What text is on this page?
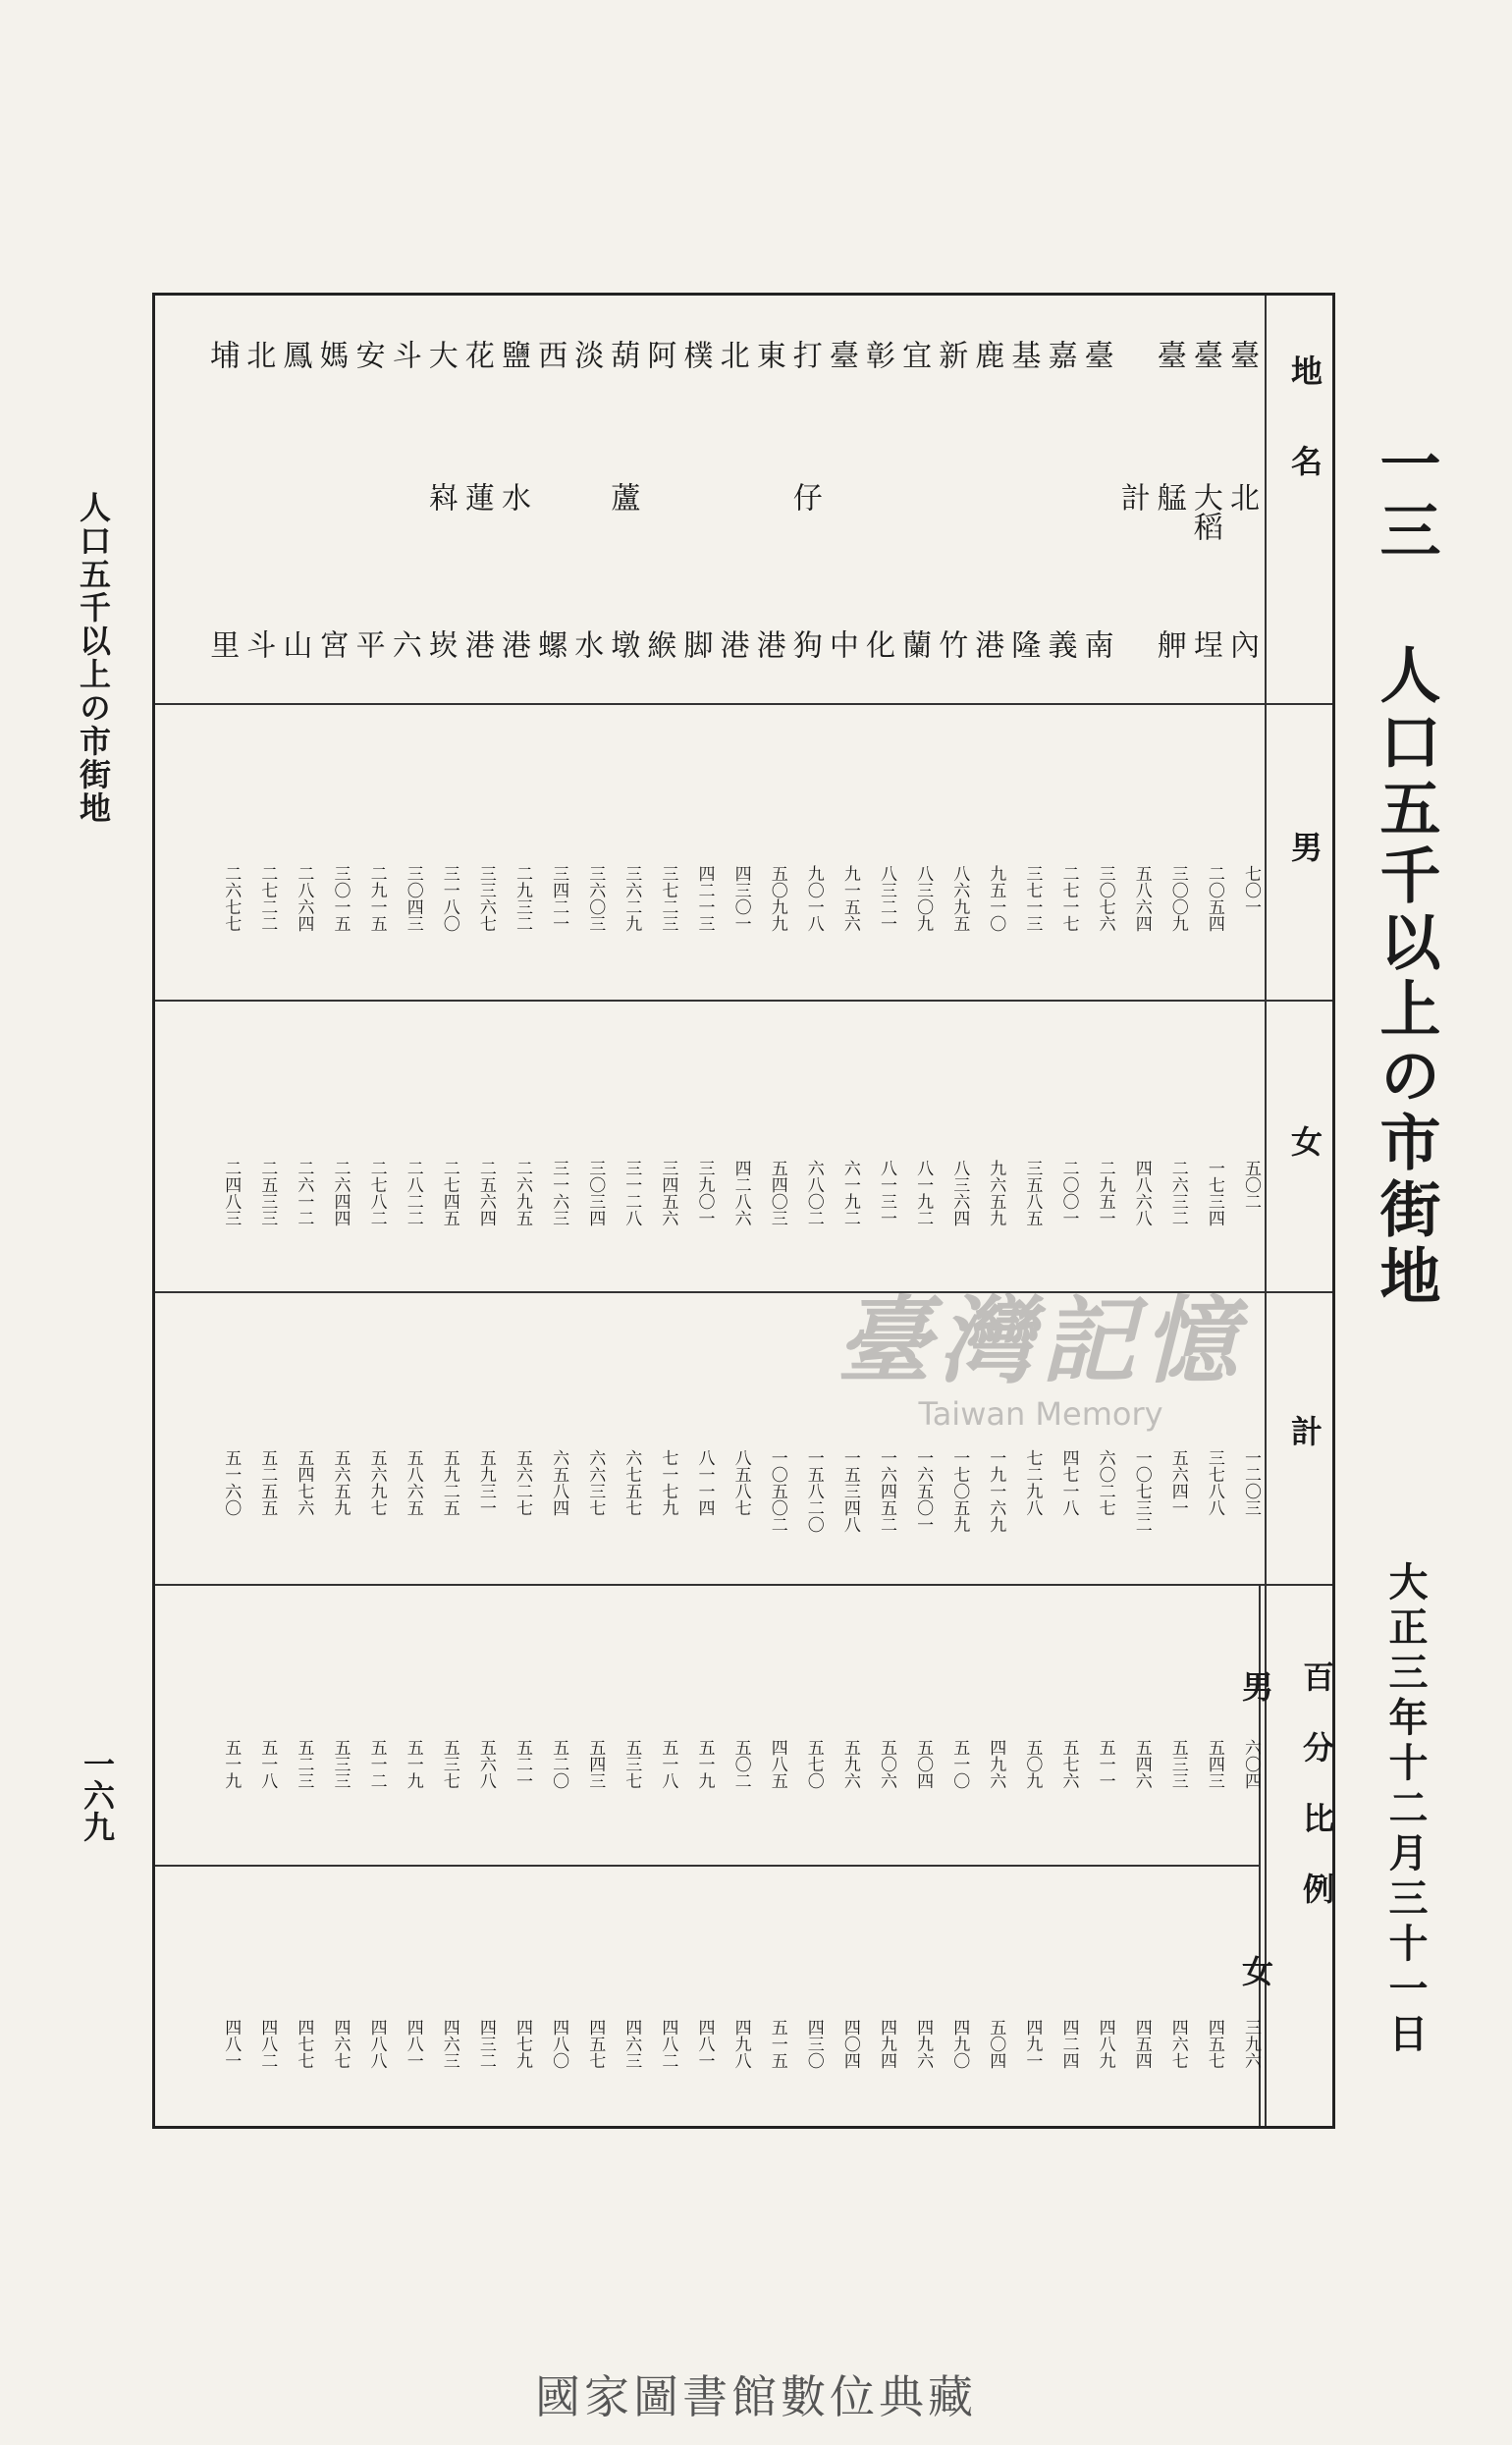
一三 人口五千以上の市街地
大正三年十二月三十一日
人口五千以上の市街地
一六九
臺灣記憶
Taiwan Memory
國家圖書館數位典藏
地名
男
女
計
百分比例
男
女
臺
北
內
七〇一
五〇二
一二〇三
六〇四
三九六
臺
大稻
埕
二〇五四
一七三四
三七八八
五四三
四五七
臺
艋
舺
三〇〇九
二六三二
五六四一
五三三
四六七
計
五八六四
四八六八
一〇七三二
五四六
四五四
臺
南
三〇七六
二九五一
六〇二七
五一一
四八九
嘉
義
二七一七
二〇〇一
四七一八
五七六
四二四
基
隆
三七一三
三五八五
七二九八
五〇九
四九一
鹿
港
九五一〇
九六五九
一九一六九
四九六
五〇四
新
竹
八六九五
八三六四
一七〇五九
五一〇
四九〇
宜
蘭
八三〇九
八一九二
一六五〇一
五〇四
四九六
彰
化
八三二一
八一三一
一六四五二
五〇六
四九四
臺
中
九一五六
六一九二
一五三四八
五九六
四〇四
打
仔
狗
九〇一八
六八〇二
一五八二〇
五七〇
四三〇
東
港
五〇九九
五四〇三
一〇五〇二
四八五
五一五
北
港
四三〇一
四二八六
八五八七
五〇二
四九八
樸
脚
四二一三
三九〇一
八一一四
五一九
四八一
阿
緱
三七二三
三四五六
七一七九
五一八
四八二
葫
蘆
墩
三六二九
三一二八
六七五七
五三七
四六三
淡
水
三六〇三
三〇三四
六六三七
五四三
四五七
西
螺
三四二一
三一六三
六五八四
五二〇
四八〇
鹽
水
港
二九三二
二六九五
五六二七
五二一
四七九
花
蓮
港
三三六七
二五六四
五九三一
五六八
四三二
大
嵙
崁
三一八〇
二七四五
五九二五
五三七
四六三
斗
六
三〇四三
二八二二
五八六五
五一九
四八一
安
平
二九一五
二七八二
五六九七
五一二
四八八
媽
宮
三〇一五
二六四四
五六五九
五三三
四六七
鳳
山
二八六四
二六一二
五四七六
五二三
四七七
北
斗
二七二二
二五三三
五二五五
五一八
四八二
埔
里
二六七七
二四八三
五一六〇
五一九
四八一
